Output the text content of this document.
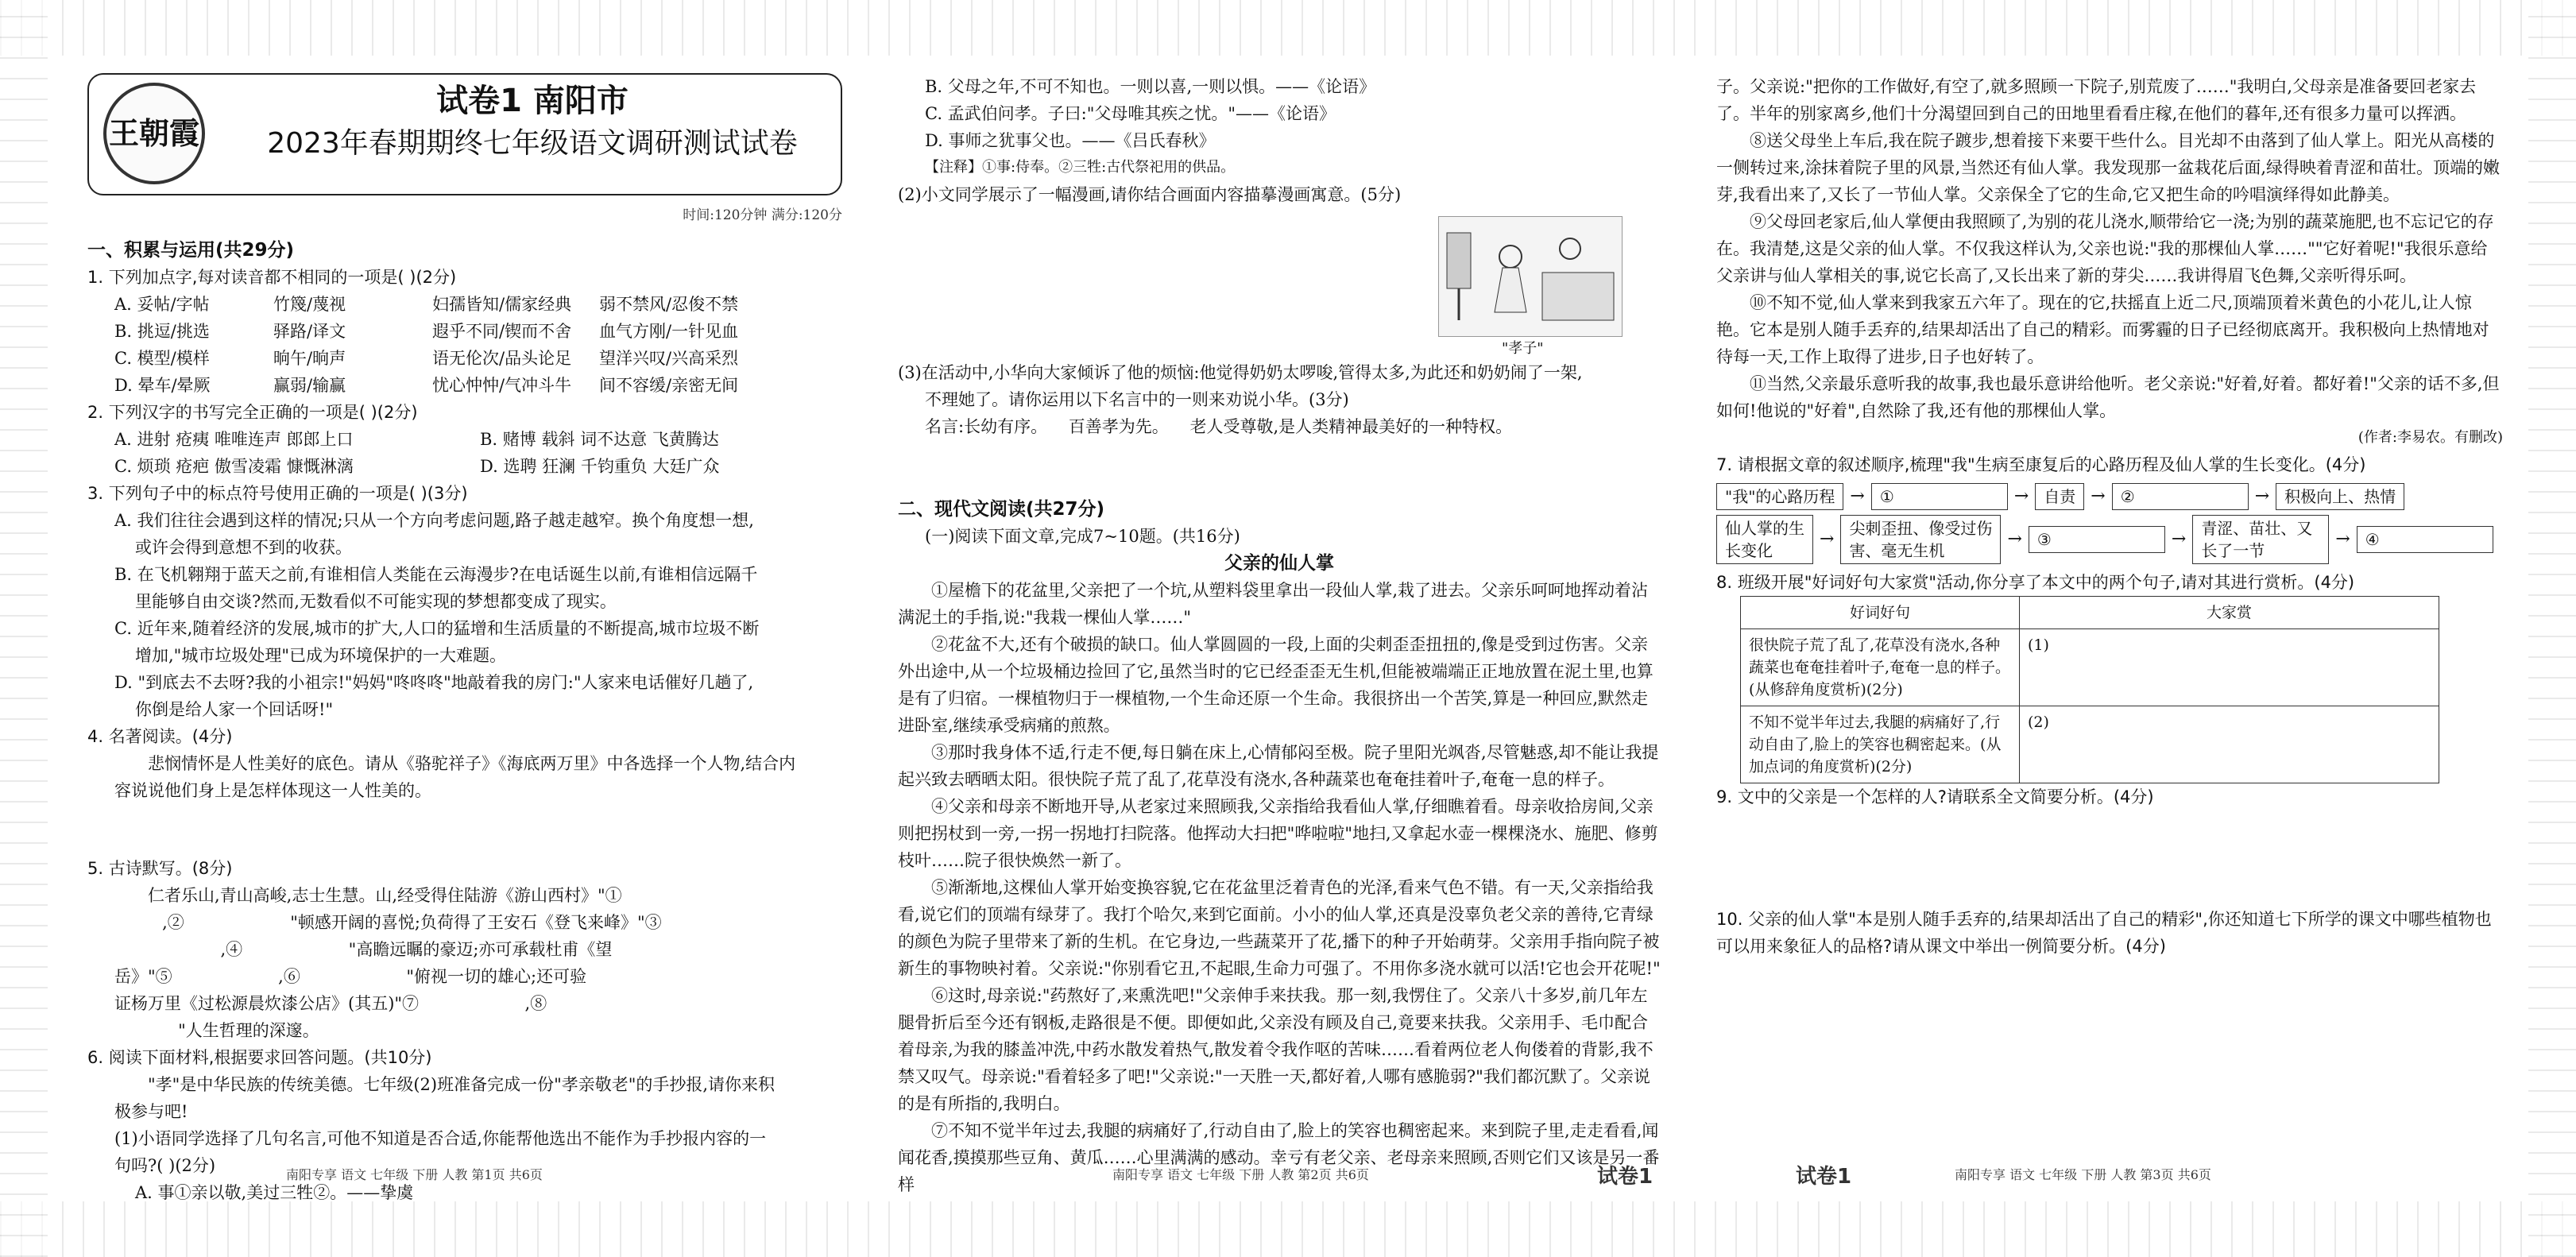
王朝霞
试卷1 南阳市
2023年春期期终七年级语文调研测试试卷
时间:120分钟 满分:120分
一、积累与运用(共29分)
1. 下列加点字,每对读音都不相同的一项是( )(2分)
A. 妥帖/字帖	竹篾/蔑视	妇孺皆知/儒家经典	弱不禁风/忍俊不禁
B. 挑逗/挑选	驿路/译文	遐乎不同/锲而不舍	血气方刚/一针见血
C. 模型/模样	晌午/晌声	语无伦次/品头论足	望洋兴叹/兴高采烈
D. 晕车/晕厥	赢弱/输赢	忧心忡忡/气冲斗牛	间不容缓/亲密无间
2. 下列汉字的书写完全正确的一项是( )(2分)
A. 进射 疮痍 唯唯连声 郎郎上口	B. 赌博 载斜 词不达意 飞黄腾达
C. 烦琐 疮疤 傲雪凌霜 慷慨淋漓	D. 选聘 狂澜 千钧重负 大廷广众
3. 下列句子中的标点符号使用正确的一项是( )(3分)
A. 我们往往会遇到这样的情况;只从一个方向考虑问题,路子越走越窄。换个角度想一想,
或许会得到意想不到的收获。
B. 在飞机翱翔于蓝天之前,有谁相信人类能在云海漫步?在电话诞生以前,有谁相信远隔千
里能够自由交谈?然而,无数看似不可能实现的梦想都变成了现实。
C. 近年来,随着经济的发展,城市的扩大,人口的猛增和生活质量的不断提高,城市垃圾不断
增加,"城市垃圾处理"已成为环境保护的一大难题。
D. "到底去不去呀?我的小祖宗!"妈妈"咚咚咚"地敲着我的房门:"人家来电话催好几趟了,
你倒是给人家一个回话呀!"
4. 名著阅读。(4分)
悲悯情怀是人性美好的底色。请从《骆驼祥子》《海底两万里》中各选择一个人物,结合内
容说说他们身上是怎样体现这一人性美的。
5. 古诗默写。(8分)
仁者乐山,青山高峻,志士生慧。山,经受得住陆游《游山西村》"①
,②                    "顿感开阔的喜悦;负荷得了王安石《登飞来峰》"③
,④                    "高瞻远瞩的豪迈;亦可承载杜甫《望
岳》"⑤                    ,⑥                    "俯视一切的雄心;还可验
证杨万里《过松源晨炊漆公店》(其五)"⑦                    ,⑧
"人生哲理的深邃。
6. 阅读下面材料,根据要求回答问题。(共10分)
"孝"是中华民族的传统美德。七年级(2)班准备完成一份"孝亲敬老"的手抄报,请你来积
极参与吧!
(1)小语同学选择了几句名言,可他不知道是否合适,你能帮他选出不能作为手抄报内容的一
句吗?( )(2分)
A. 事①亲以敬,美过三牲②。——挚虞
南阳专享 语文 七年级 下册 人教 第1页 共6页
B. 父母之年,不可不知也。一则以喜,一则以惧。——《论语》
C. 孟武伯问孝。子曰:"父母唯其疾之忧。"——《论语》
D. 事师之犹事父也。——《吕氏春秋》
【注释】①事:侍奉。②三牲:古代祭祀用的供品。
(2)小文同学展示了一幅漫画,请你结合画面内容描摹漫画寓意。(5分)
"孝子"
(3)在活动中,小华向大家倾诉了他的烦恼:他觉得奶奶太啰唆,管得太多,为此还和奶奶闹了一架,
不理她了。请你运用以下名言中的一则来劝说小华。(3分)
名言:长幼有序。    百善孝为先。    老人受尊敬,是人类精神最美好的一种特权。
二、现代文阅读(共27分)
(一)阅读下面文章,完成7~10题。(共16分)
父亲的仙人掌
①屋檐下的花盆里,父亲把了一个坑,从塑料袋里拿出一段仙人掌,栽了进去。父亲乐呵呵地挥动着沾满泥土的手指,说:"我栽一棵仙人掌……"
②花盆不大,还有个破损的缺口。仙人掌圆圆的一段,上面的尖刺歪歪扭扭的,像是受到过伤害。父亲外出途中,从一个垃圾桶边捡回了它,虽然当时的它已经歪歪无生机,但能被端端正正地放置在泥土里,也算是有了归宿。一棵植物归于一棵植物,一个生命还原一个生命。我很挤出一个苦笑,算是一种回应,默然走进卧室,继续承受病痛的煎熬。
③那时我身体不适,行走不便,每日躺在床上,心情郁闷至极。院子里阳光飒沓,尽管魅惑,却不能让我提起兴致去晒晒太阳。很快院子荒了乱了,花草没有浇水,各种蔬菜也奄奄挂着叶子,奄奄一息的样子。
④父亲和母亲不断地开导,从老家过来照顾我,父亲指给我看仙人掌,仔细瞧着看。母亲收拾房间,父亲则把拐杖到一旁,一拐一拐地打扫院落。他挥动大扫把"哗啦啦"地扫,又拿起水壶一棵棵浇水、施肥、修剪枝叶……院子很快焕然一新了。
⑤渐渐地,这棵仙人掌开始变换容貌,它在花盆里泛着青色的光泽,看来气色不错。有一天,父亲指给我看,说它们的顶端有绿芽了。我打个哈欠,来到它面前。小小的仙人掌,还真是没辜负老父亲的善待,它青绿的颜色为院子里带来了新的生机。在它身边,一些蔬菜开了花,播下的种子开始萌芽。父亲用手指向院子被新生的事物映衬着。父亲说:"你别看它丑,不起眼,生命力可强了。不用你多浇水就可以活!它也会开花呢!"
⑥这时,母亲说:"药熬好了,来熏洗吧!"父亲伸手来扶我。那一刻,我愣住了。父亲八十多岁,前几年左腿骨折后至今还有钢板,走路很是不便。即便如此,父亲没有顾及自己,竟要来扶我。父亲用手、毛巾配合着母亲,为我的膝盖冲洗,中药水散发着热气,散发着令我作呕的苦味……看着两位老人佝偻着的背影,我不禁又叹气。母亲说:"看着轻多了吧!"父亲说:"一天胜一天,都好着,人哪有感脆弱?"我们都沉默了。父亲说的是有所指的,我明白。
⑦不知不觉半年过去,我腿的病痛好了,行动自由了,脸上的笑容也稠密起来。来到院子里,走走看看,闻闻花香,摸摸那些豆角、黄瓜……心里满满的感动。幸亏有老父亲、老母亲来照顾,否则它们又该是另一番样
南阳专享 语文 七年级 下册 人教 第2页 共6页	试卷1
子。父亲说:"把你的工作做好,有空了,就多照顾一下院子,别荒废了……"我明白,父母亲是准备要回老家去了。半年的别家离乡,他们十分渴望回到自己的田地里看看庄稼,在他们的暮年,还有很多力量可以挥洒。
⑧送父母坐上车后,我在院子踱步,想着接下来要干些什么。目光却不由落到了仙人掌上。阳光从高楼的一侧转过来,涂抹着院子里的风景,当然还有仙人掌。我发现那一盆栽花后面,绿得映着青涩和苗壮。顶端的嫩芽,我看出来了,又长了一节仙人掌。父亲保全了它的生命,它又把生命的吟唱演绎得如此静美。
⑨父母回老家后,仙人掌便由我照顾了,为别的花儿浇水,顺带给它一浇;为别的蔬菜施肥,也不忘记它的存在。我清楚,这是父亲的仙人掌。不仅我这样认为,父亲也说:"我的那棵仙人掌……""它好着呢!"我很乐意给父亲讲与仙人掌相关的事,说它长高了,又长出来了新的芽尖……我讲得眉飞色舞,父亲听得乐呵。
⑩不知不觉,仙人掌来到我家五六年了。现在的它,扶摇直上近二尺,顶端顶着米黄色的小花儿,让人惊艳。它本是别人随手丢弃的,结果却活出了自己的精彩。而雾霾的日子已经彻底离开。我积极向上热情地对待每一天,工作上取得了进步,日子也好转了。
⑪当然,父亲最乐意听我的故事,我也最乐意讲给他听。老父亲说:"好着,好着。都好着!"父亲的话不多,但如何!他说的"好着",自然除了我,还有他的那棵仙人掌。
(作者:李易农。有删改)
7. 请根据文章的叙述顺序,梳理"我"生病至康复后的心路历程及仙人掌的生长变化。(4分)
"我"的心路历程 → ①	→ 自责 → ②	→ 积极向上、热情
仙人掌的生长变化
→
尖刺歪扭、像受过伤害、毫无生机
→ ③	→
青涩、苗壮、又长了一节
→ ④
8. 班级开展"好词好句大家赏"活动,你分享了本文中的两个句子,请对其进行赏析。(4分)
好词好句	大家赏
很快院子荒了乱了,花草没有浇水,各种蔬菜也奄奄挂着叶子,奄奄一息的样子。(从修辞角度赏析)(2分)	(1)
不知不觉半年过去,我腿的病痛好了,行动自由了,脸上的笑容也稠密起来。(从加点词的角度赏析)(2分)	(2)
9. 文中的父亲是一个怎样的人?请联系全文简要分析。(4分)
10. 父亲的仙人掌"本是别人随手丢弃的,结果却活出了自己的精彩",你还知道七下所学的课文中哪些植物也可以用来象征人的品格?请从课文中举出一例简要分析。(4分)
试卷1	南阳专享 语文 七年级 下册 人教 第3页 共6页
